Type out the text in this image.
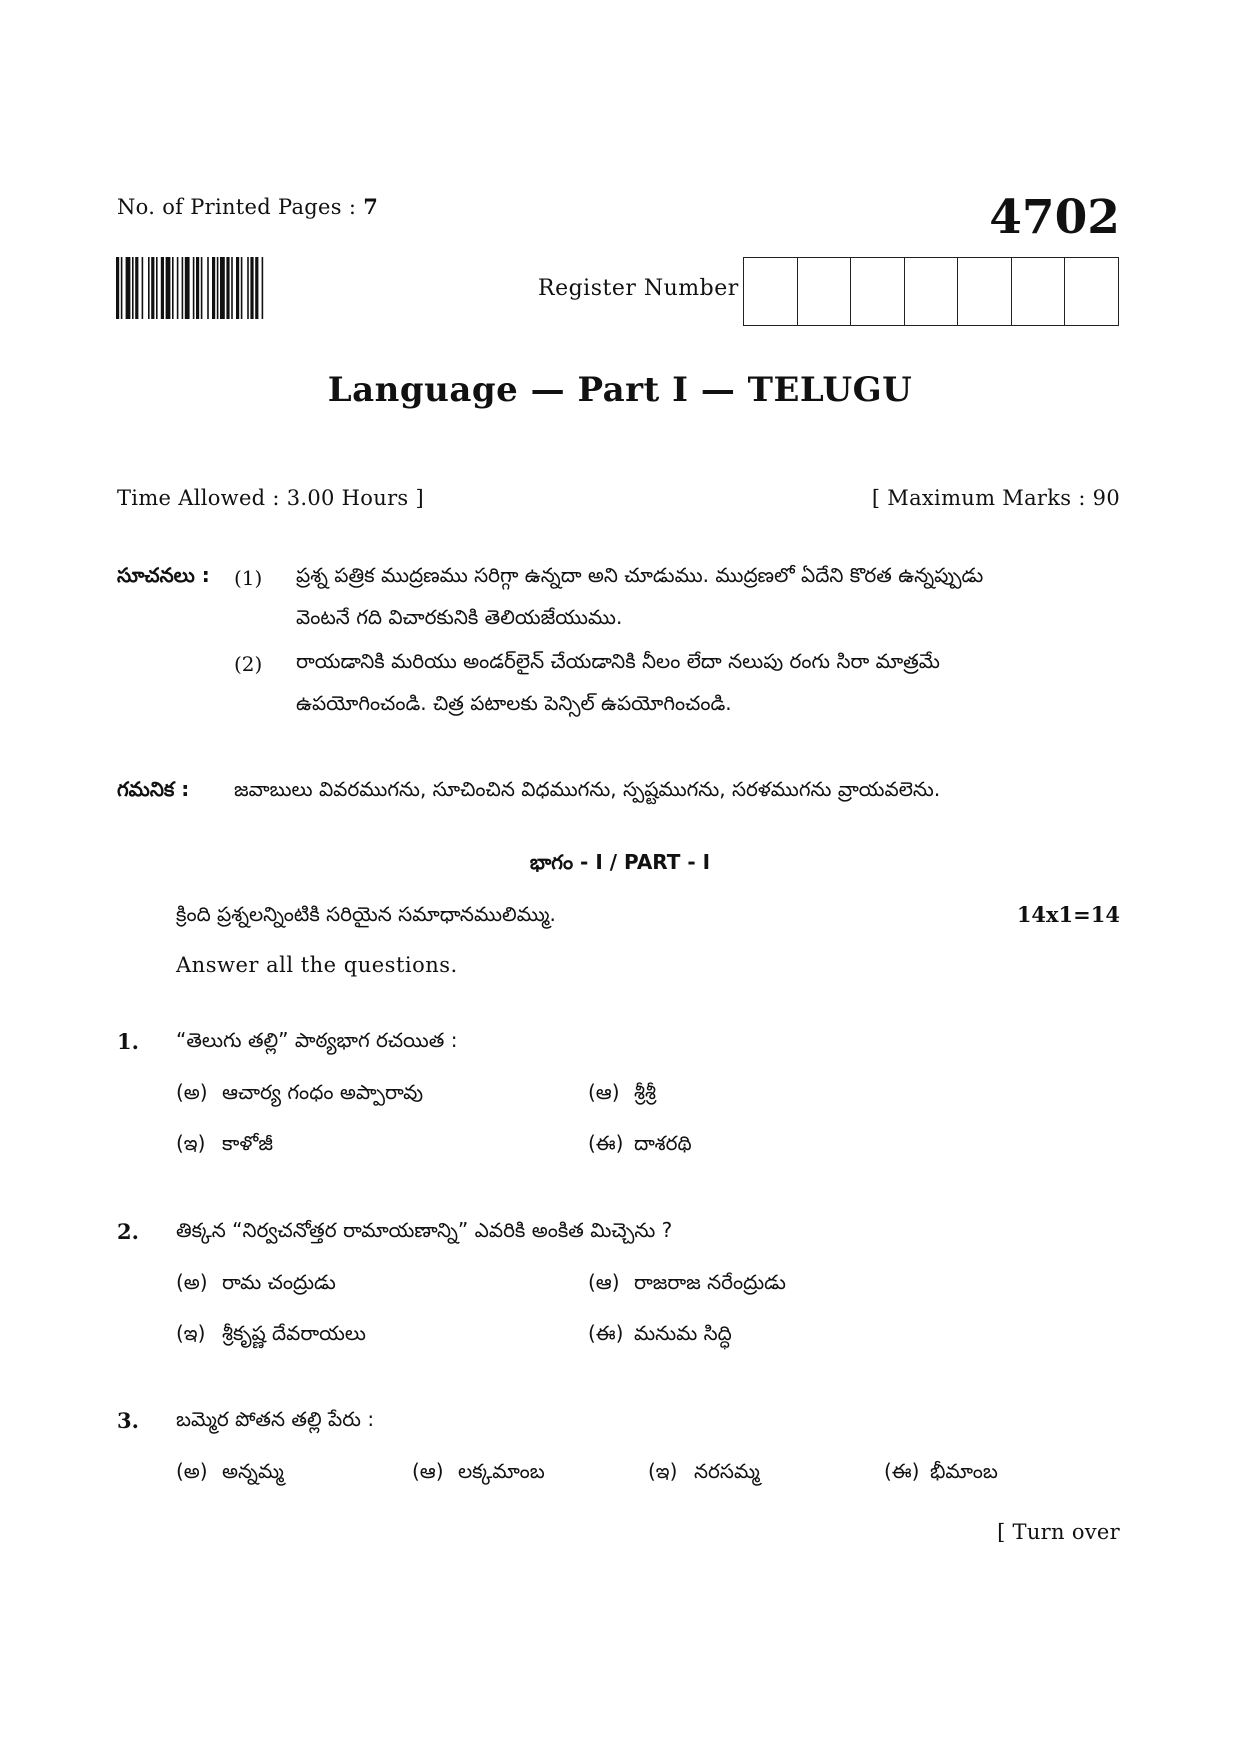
No. of Printed Pages : 7	4702
Register Number
Language — Part I — TELUGU
Time Allowed : 3.00 Hours ]	[ Maximum Marks : 90
సూచనలు : (1) ప్రశ్న పత్రిక ముద్రణము సరిగ్గా ఉన్నదా అని చూడుము. ముద్రణలో ఏదేని కొరత ఉన్నప్పుడు
వెంటనే గది విచారకునికి తెలియజేయుము.
(2) రాయడానికి మరియు అండర్‌లైన్ చేయడానికి నీలం లేదా నలుపు రంగు సిరా మాత్రమే
ఉపయోగించండి. చిత్ర పటాలకు పెన్సిల్ ఉపయోగించండి.
గమనిక : జవాబులు వివరముగను, సూచించిన విధముగను, స్పష్టముగను, సరళముగను వ్రాయవలెను.
భాగం - I / PART - I
క్రింది ప్రశ్నలన్నింటికి సరియైన సమాధానములిమ్ము.	14x1=14
Answer all the questions.
1. “తెలుగు తల్లి” పాఠ్యభాగ రచయిత :
(అ) ఆచార్య గంధం అప్పారావు	(ఆ) శ్రీశ్రీ
(ఇ) కాళోజీ	(ఈ) దాశరథి
2. తిక్కన “నిర్వచనోత్తర రామాయణాన్ని” ఎవరికి అంకిత మిచ్చెను ?
(అ) రామ చంద్రుడు	(ఆ) రాజరాజ నరేంద్రుడు
(ఇ) శ్రీకృష్ణ దేవరాయలు	(ఈ) మనుమ సిద్ధి
3. బమ్మెర పోతన తల్లి పేరు :
(అ) అన్నమ్మ	(ఆ) లక్కమాంబ	(ఇ) నరసమ్మ	(ఈ) భీమాంబ
[ Turn over
